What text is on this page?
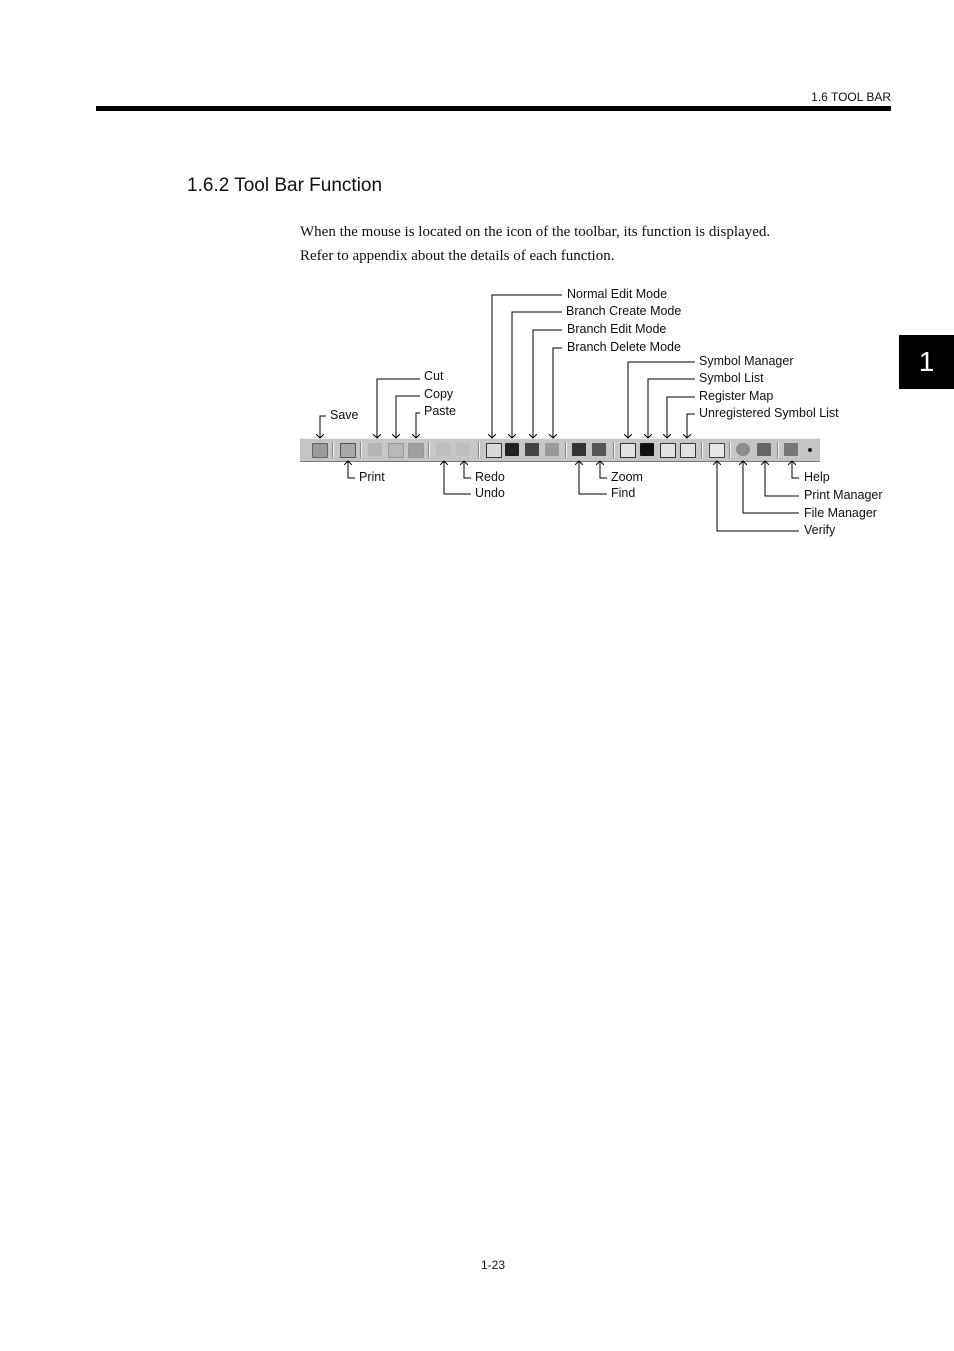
1.6 TOOL BAR
1
1.6.2 Tool Bar Function
When the mouse is located on the icon of the toolbar, its function is displayed.
Refer to appendix about the details of each function.
Normal Edit Mode
Branch Create Mode
Branch Edit Mode
Branch Delete Mode
Symbol Manager
Symbol List
Register Map
Unregistered Symbol List
Cut
Copy
Paste
Save
Print	Redo
Undo
Zoom
Find
Help
Print Manager
File Manager
Verify
1-23
